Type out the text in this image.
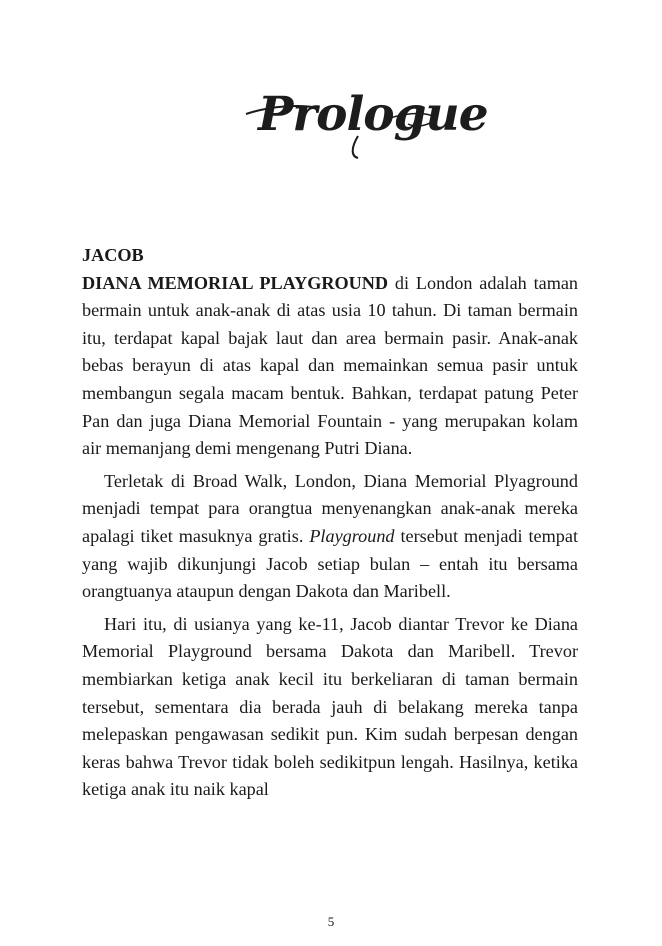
Prologue

JACOB

DIANA MEMORIAL PLAYGROUND di London adalah taman bermain untuk anak-anak di atas usia 10 tahun. Di taman bermain itu, terdapat kapal bajak laut dan area bermain pasir. Anak-anak bebas berayun di atas kapal dan memainkan semua pasir untuk membangun segala macam bentuk. Bahkan, terdapat patung Peter Pan dan juga Diana Memorial Fountain - yang merupakan kolam air memanjang demi mengenang Putri Diana.

Terletak di Broad Walk, London, Diana Memorial Plyaground menjadi tempat para orangtua menyenangkan anak-anak mereka apalagi tiket masuknya gratis. Playground tersebut menjadi tempat yang wajib dikunjungi Jacob setiap bulan – entah itu bersama orangtuanya ataupun dengan Dakota dan Maribell.

Hari itu, di usianya yang ke-11, Jacob diantar Trevor ke Diana Memorial Playground bersama Dakota dan Maribell. Trevor membiarkan ketiga anak kecil itu berkeliaran di taman bermain tersebut, sementara dia berada jauh di belakang mereka tanpa melepaskan pengawasan sedikit pun. Kim sudah berpesan dengan keras bahwa Trevor tidak boleh sedikitpun lengah. Hasilnya, ketika ketiga anak itu naik kapal

5
